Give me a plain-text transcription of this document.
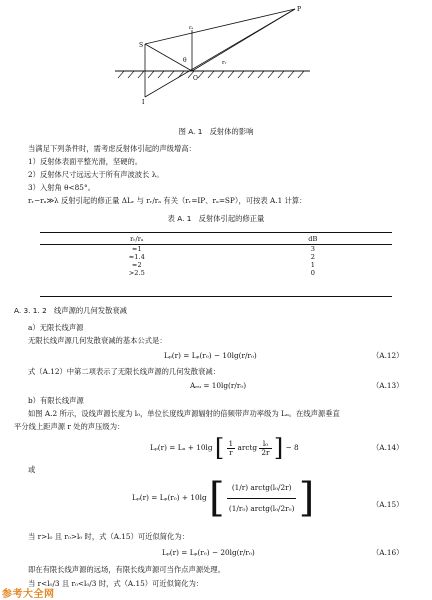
P
S
rₐ
θ	rᵣ
O
I
图 A. 1　反射体的影响
当满足下列条件时，需考虑反射体引起的声级增高：
1）反射体表面平整光滑，坚硬的。
2）反射体尺寸远远大于所有声波波长 λ。
3）入射角 θ<85°。
rᵣ−rₐ≫λ 反射引起的修正量 ΔLᵣ 与 rᵣ/rₐ 有关（rᵣ=IP、rₐ=SP），可按表 A.1 计算：
表 A. 1　反射体引起的修正量
rᵣ/rₐ	dB
≈1	3
≈1.4	2
≈2	1
>2.5	0
A. 3. 1. 2　线声源的几何发散衰减
a）无限长线声源
无限长线声源几何发散衰减的基本公式是：
Lₚ(r) = Lₚ(r₀) − 10lg(r/r₀)	（A.12）
式（A.12）中第二项表示了无限长线声源的几何发散衰减：
Aₑᵤ = 10lg(r/r₀)	（A.13）
b）有限长线声源
如图 A.2 所示，设线声源长度为 l₀，单位长度线声源辐射的倍频带声功率级为 Lᵤ。在线声源垂直
平分线上距声源 r 处的声压级为：
Lₚ(r) = Lᵤ + 10lg [ $\frac{1}{r}$ arctg $\frac{\text{l₀}}{2r}$ ] − 8	（A.14）
或
Lₚ(r) = Lₚ(r₀) + 10lg [ $\frac{\text{(1/r) arctg(l₀/2r)}}{\text{(1/r₀) arctg(l₀/2r₀)}}$ ]	（A.15）
当 r>l₀ 且 r₀>l₀ 时，式（A.15）可近似简化为：
Lₚ(r) = Lₚ(r₀) − 20lg(r/r₀)	（A.16）
即在有限长线声源的远场，有限长线声源可当作点声源处理。
当 r<l₀/3 且 r₀<l₀/3 时，式（A.15）可近似简化为：
参考大全网
